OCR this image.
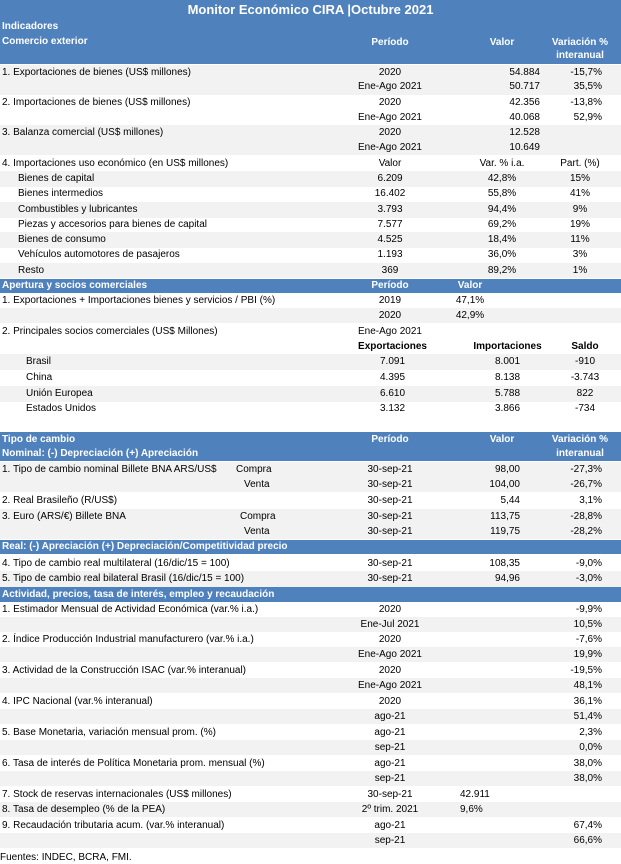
Monitor Económico CIRA |Octubre 2021
Indicadores
Comercio exterior	Período	Valor	Variación %
interanual
1. Exportaciones de bienes (US$ millones)	2020	54.884	-15,7%
Ene-Ago 2021	50.717	35,5%
2. Importaciones de bienes (US$ millones)	2020	42.356	-13,8%
Ene-Ago 2021	40.068	52,9%
3. Balanza comercial (US$ millones)	2020	12.528
Ene-Ago 2021	10.649
4. Importaciones uso económico (en US$ millones)	Valor	Var. % i.a.	Part. (%)
Bienes de capital	6.209	42,8%	15%
Bienes intermedios	16.402	55,8%	41%
Combustibles y lubricantes	3.793	94,4%	9%
Piezas y accesorios para bienes de capital	7.577	69,2%	19%
Bienes de consumo	4.525	18,4%	11%
Vehículos automotores de pasajeros	1.193	36,0%	3%
Resto	369	89,2%	1%
Apertura y socios comerciales	Período	Valor
1. Exportaciones + Importaciones bienes y servicios / PBI (%)	2019	47,1%
2020	42,9%
2. Principales socios comerciales (US$ Millones)	Ene-Ago 2021
Exportaciones	Importaciones	Saldo
Brasil	7.091	8.001	-910
China	4.395	8.138	-3.743
Unión Europea	6.610	5.788	822
Estados Unidos	3.132	3.866	-734
Tipo de cambio
Nominal: (-) Depreciación (+) Apreciación
Período	Valor	Variación %
interanual
1. Tipo de cambio nominal Billete BNA ARS/US$ Compra	30-sep-21	98,00	-27,3%
Venta	30-sep-21	104,00	-26,7%
2. Real Brasileño (R/US$)	30-sep-21	5,44	3,1%
3. Euro (ARS/€) Billete BNA	Compra	30-sep-21	113,75	-28,8%
Venta	30-sep-21	119,75	-28,2%
Real: (-) Apreciación (+) Depreciación/Competitividad precio
4. Tipo de cambio real multilateral (16/dic/15 = 100)	30-sep-21	108,35	-9,0%
5. Tipo de cambio real bilateral Brasil (16/dic/15 = 100)	30-sep-21	94,96	-3,0%
Actividad, precios, tasa de interés, empleo y recaudación
1. Estimador Mensual de Actividad Económica (var.% i.a.)	2020	-9,9%
Ene-Jul 2021	10,5%
2. Índice Producción Industrial manufacturero (var.% i.a.)	2020	-7,6%
Ene-Ago 2021	19,9%
3. Actividad de la Construcción ISAC (var.% interanual)	2020	-19,5%
Ene-Ago 2021	48,1%
4. IPC Nacional (var.% interanual)	2020	36,1%
ago-21	51,4%
5. Base Monetaria, variación mensual prom. (%)	ago-21	2,3%
sep-21	0,0%
6. Tasa de interés de Política Monetaria prom. mensual (%)	ago-21	38,0%
sep-21	38,0%
7. Stock de reservas internacionales (US$ millones)	30-sep-21	42.911
8. Tasa de desempleo (% de la PEA)	2º trim. 2021	9,6%
9. Recaudación tributaria acum. (var.% interanual)	ago-21	67,4%
sep-21	66,6%
Fuentes: INDEC, BCRA, FMI.
